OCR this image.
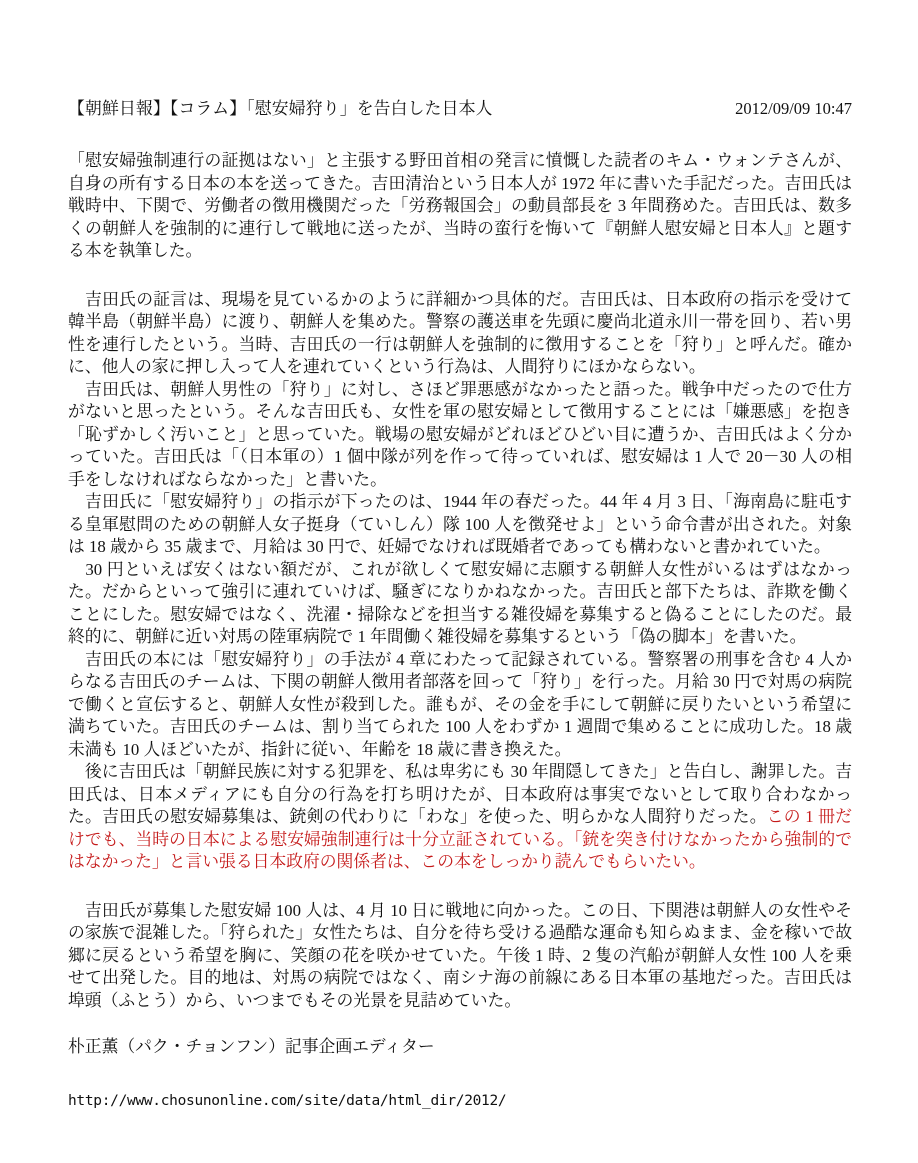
【朝鮮日報】【コラム】「慰安婦狩り」を告白した日本人	2012/09/09 10:47

「慰安婦強制連行の証拠はない」と主張する野田首相の発言に憤慨した読者のキム・ウォンテさんが、自身の所有する日本の本を送ってきた。吉田清治という日本人が 1972 年に書いた手記だった。吉田氏は戦時中、下関で、労働者の徴用機関だった「労務報国会」の動員部長を 3 年間務めた。吉田氏は、数多くの朝鮮人を強制的に連行して戦地に送ったが、当時の蛮行を悔いて『朝鮮人慰安婦と日本人』と題する本を執筆した。

　吉田氏の証言は、現場を見ているかのように詳細かつ具体的だ。吉田氏は、日本政府の指示を受けて韓半島（朝鮮半島）に渡り、朝鮮人を集めた。警察の護送車を先頭に慶尚北道永川一帯を回り、若い男性を連行したという。当時、吉田氏の一行は朝鮮人を強制的に徴用することを「狩り」と呼んだ。確かに、他人の家に押し入って人を連れていくという行為は、人間狩りにほかならない。

　吉田氏は、朝鮮人男性の「狩り」に対し、さほど罪悪感がなかったと語った。戦争中だったので仕方がないと思ったという。そんな吉田氏も、女性を軍の慰安婦として徴用することには「嫌悪感」を抱き「恥ずかしく汚いこと」と思っていた。戦場の慰安婦がどれほどひどい目に遭うか、吉田氏はよく分かっていた。吉田氏は「（日本軍の）1 個中隊が列を作って待っていれば、慰安婦は 1 人で 20－30 人の相手をしなければならなかった」と書いた。

　吉田氏に「慰安婦狩り」の指示が下ったのは、1944 年の春だった。44 年 4 月 3 日、「海南島に駐屯する皇軍慰問のための朝鮮人女子挺身（ていしん）隊 100 人を徴発せよ」という命令書が出された。対象は 18 歳から 35 歳まで、月給は 30 円で、妊婦でなければ既婚者であっても構わないと書かれていた。

　30 円といえば安くはない額だが、これが欲しくて慰安婦に志願する朝鮮人女性がいるはずはなかった。だからといって強引に連れていけば、騒ぎになりかねなかった。吉田氏と部下たちは、詐欺を働くことにした。慰安婦ではなく、洗濯・掃除などを担当する雑役婦を募集すると偽ることにしたのだ。最終的に、朝鮮に近い対馬の陸軍病院で 1 年間働く雑役婦を募集するという「偽の脚本」を書いた。

　吉田氏の本には「慰安婦狩り」の手法が 4 章にわたって記録されている。警察署の刑事を含む 4 人からなる吉田氏のチームは、下関の朝鮮人徴用者部落を回って「狩り」を行った。月給 30 円で対馬の病院で働くと宣伝すると、朝鮮人女性が殺到した。誰もが、その金を手にして朝鮮に戻りたいという希望に満ちていた。吉田氏のチームは、割り当てられた 100 人をわずか 1 週間で集めることに成功した。18 歳未満も 10 人ほどいたが、指針に従い、年齢を 18 歳に書き換えた。

　後に吉田氏は「朝鮮民族に対する犯罪を、私は卑劣にも 30 年間隠してきた」と告白し、謝罪した。吉田氏は、日本メディアにも自分の行為を打ち明けたが、日本政府は事実でないとして取り合わなかった。吉田氏の慰安婦募集は、銃剣の代わりに「わな」を使った、明らかな人間狩りだった。この 1 冊だけでも、当時の日本による慰安婦強制連行は十分立証されている。「銃を突き付けなかったから強制的ではなかった」と言い張る日本政府の関係者は、この本をしっかり読んでもらいたい。

　吉田氏が募集した慰安婦 100 人は、4 月 10 日に戦地に向かった。この日、下関港は朝鮮人の女性やその家族で混雑した。「狩られた」女性たちは、自分を待ち受ける過酷な運命も知らぬまま、金を稼いで故郷に戻るという希望を胸に、笑顔の花を咲かせていた。午後 1 時、2 隻の汽船が朝鮮人女性 100 人を乗せて出発した。目的地は、対馬の病院ではなく、南シナ海の前線にある日本軍の基地だった。吉田氏は埠頭（ふとう）から、いつまでもその光景を見詰めていた。

朴正薫（パク・チョンフン）記事企画エディター

http://www.chosunonline.com/site/data/html_dir/2012/
